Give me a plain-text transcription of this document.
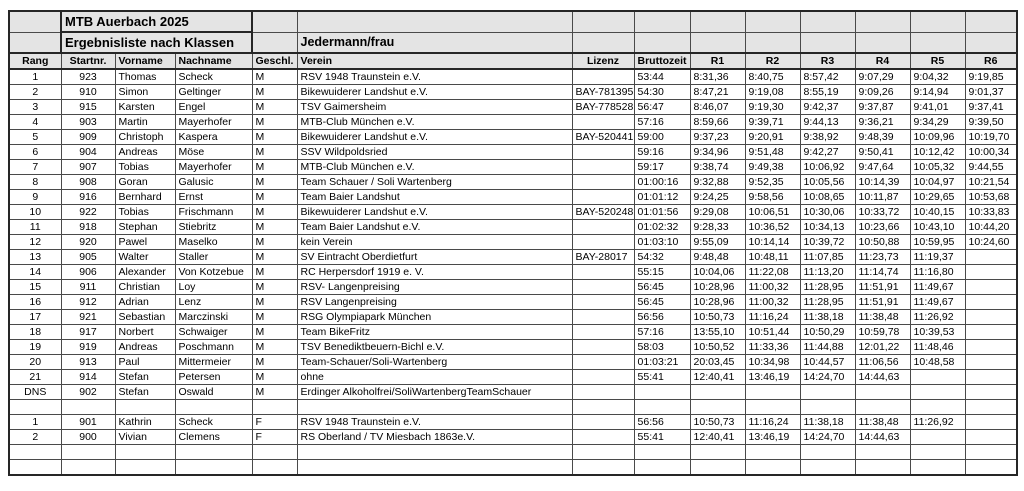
	MTB Auerbach 2025												
	Ergebnisliste nach Klassen				Jedermann/frau								
Rang	Startnr.	Vorname	Nachname	Geschl.	Verein	Lizenz	Bruttozeit	R1	R2	R3	R4	R5	R6
1	923	Thomas	Scheck	M	RSV 1948 Traunstein e.V.		53:44	8:31,36	8:40,75	8:57,42	9:07,29	9:04,32	9:19,85
2	910	Simon	Geltinger	M	Bikewuiderer Landshut e.V.	BAY-781395	54:30	8:47,21	9:19,08	8:55,19	9:09,26	9:14,94	9:01,37
3	915	Karsten	Engel	M	TSV Gaimersheim	BAY-778528	56:47	8:46,07	9:19,30	9:42,37	9:37,87	9:41,01	9:37,41
4	903	Martin	Mayerhofer	M	MTB-Club München e.V.		57:16	8:59,66	9:39,71	9:44,13	9:36,21	9:34,29	9:39,50
5	909	Christoph	Kaspera	M	Bikewuiderer Landshut e.V.	BAY-520441	59:00	9:37,23	9:20,91	9:38,92	9:48,39	10:09,96	10:19,70
6	904	Andreas	Möse	M	SSV Wildpoldsried		59:16	9:34,96	9:51,48	9:42,27	9:50,41	10:12,42	10:00,34
7	907	Tobias	Mayerhofer	M	MTB-Club München e.V.		59:17	9:38,74	9:49,38	10:06,92	9:47,64	10:05,32	9:44,55
8	908	Goran	Galusic	M	Team Schauer / Soli Wartenberg		01:00:16	9:32,88	9:52,35	10:05,56	10:14,39	10:04,97	10:21,54
9	916	Bernhard	Ernst	M	Team Baier Landshut		01:01:12	9:24,25	9:58,56	10:08,65	10:11,87	10:29,65	10:53,68
10	922	Tobias	Frischmann	M	Bikewuiderer Landshut e.V.	BAY-520248	01:01:56	9:29,08	10:06,51	10:30,06	10:33,72	10:40,15	10:33,83
11	918	Stephan	Stiebritz	M	Team Baier Landshut e.V.		01:02:32	9:28,33	10:36,52	10:34,13	10:23,66	10:43,10	10:44,20
12	920	Pawel	Maselko	M	kein Verein		01:03:10	9:55,09	10:14,14	10:39,72	10:50,88	10:59,95	10:24,60
13	905	Walter	Staller	M	SV Eintracht Oberdietfurt	BAY-28017	54:32	9:48,48	10:48,11	11:07,85	11:23,73	11:19,37	
14	906	Alexander	Von Kotzebue	M	RC Herpersdorf 1919 e. V.		55:15	10:04,06	11:22,08	11:13,20	11:14,74	11:16,80	
15	911	Christian	Loy	M	RSV- Langenpreising		56:45	10:28,96	11:00,32	11:28,95	11:51,91	11:49,67	
16	912	Adrian	Lenz	M	RSV Langenpreising		56:45	10:28,96	11:00,32	11:28,95	11:51,91	11:49,67	
17	921	Sebastian	Marczinski	M	RSG Olympiapark München		56:56	10:50,73	11:16,24	11:38,18	11:38,48	11:26,92	
18	917	Norbert	Schwaiger	M	Team BikeFritz		57:16	13:55,10	10:51,44	10:50,29	10:59,78	10:39,53	
19	919	Andreas	Poschmann	M	TSV Benediktbeuern-Bichl e.V.		58:03	10:50,52	11:33,36	11:44,88	12:01,22	11:48,46	
20	913	Paul	Mittermeier	M	Team-Schauer/Soli-Wartenberg		01:03:21	20:03,45	10:34,98	10:44,57	11:06,56	10:48,58	
21	914	Stefan	Petersen	M	ohne		55:41	12:40,41	13:46,19	14:24,70	14:44,63		
DNS	902	Stefan	Oswald	M	Erdinger Alkoholfrei/SoliWartenbergTeamSchauer								

1	901	Kathrin	Scheck	F	RSV 1948 Traunstein e.V.		56:56	10:50,73	11:16,24	11:38,18	11:38,48	11:26,92	
2	900	Vivian	Clemens	F	RS Oberland / TV Miesbach 1863e.V.		55:41	12:40,41	13:46,19	14:24,70	14:44,63		
